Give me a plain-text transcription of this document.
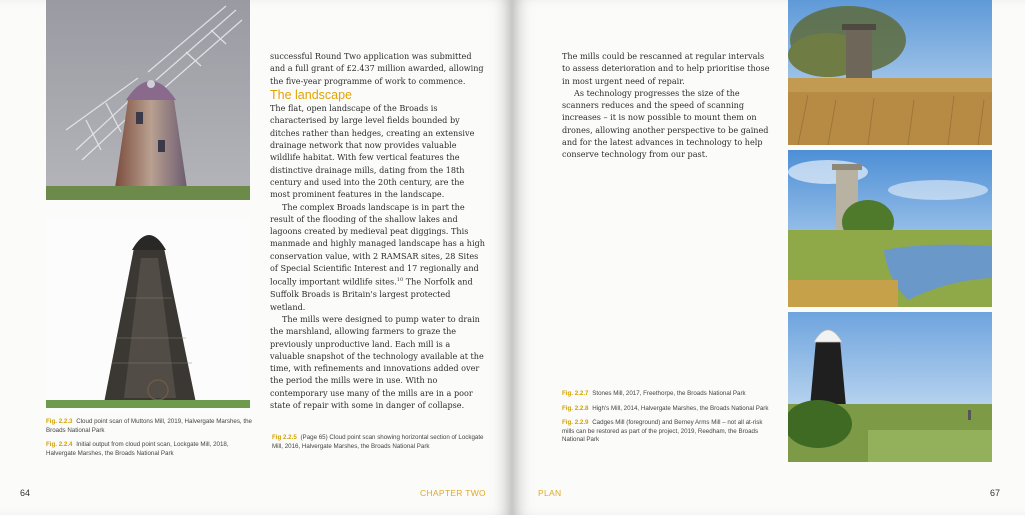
successful Round Two application was submitted and a full grant of £2.437 million awarded, allowing the five-year programme of work to commence.

The landscape

The flat, open landscape of the Broads is characterised by large level fields bounded by ditches rather than hedges, creating an extensive drainage network that now provides valuable wildlife habitat. With few vertical features the distinctive drainage mills, dating from the 18th century and used into the 20th century, are the most prominent features in the landscape.

The complex Broads landscape is in part the result of the flooding of the shallow lakes and lagoons created by medieval peat diggings. This manmade and highly managed landscape has a high conservation value, with 2 RAMSAR sites, 28 Sites of Special Scientific Interest and 17 regionally and locally important wildlife sites.$^{10}$ The Norfolk and Suffolk Broads is Britain's largest protected wetland.

The mills were designed to pump water to drain the marshland, allowing farmers to graze the previously unproductive land. Each mill is a valuable snapshot of the technology available at the time, with refinements and innovations added over the period the mills were in use. With no contemporary use many of the mills are in a poor state of repair with some in danger of collapse.

Fig. 2.2.3 Cloud point scan of Muttons Mill, 2019, Halvergate Marshes, the Broads National Park

Fig. 2.2.4 Initial output from cloud point scan, Lockgate Mill, 2018, Halvergate Marshes, the Broads National Park

Fig 2.2.5 (Page 65) Cloud point scan showing horizontal section of Lockgate Mill, 2016, Halvergate Marshes, the Broads National Park

64	CHAPTER TWO

The mills could be rescanned at regular intervals to assess deterioration and to help prioritise those in most urgent need of repair.

As technology progresses the size of the scanners reduces and the speed of scanning increases – it is now possible to mount them on drones, allowing another perspective to be gained and for the latest advances in technology to help conserve technology from our past.

Fig. 2.2.7 Stones Mill, 2017, Freethorpe, the Broads National Park

Fig. 2.2.8 High's Mill, 2014, Halvergate Marshes, the Broads National Park

Fig. 2.2.9 Cadges Mill (foreground) and Berney Arms Mill – not all at-risk mills can be restored as part of the project, 2019, Reedham, the Broads National Park

PLAN	67
